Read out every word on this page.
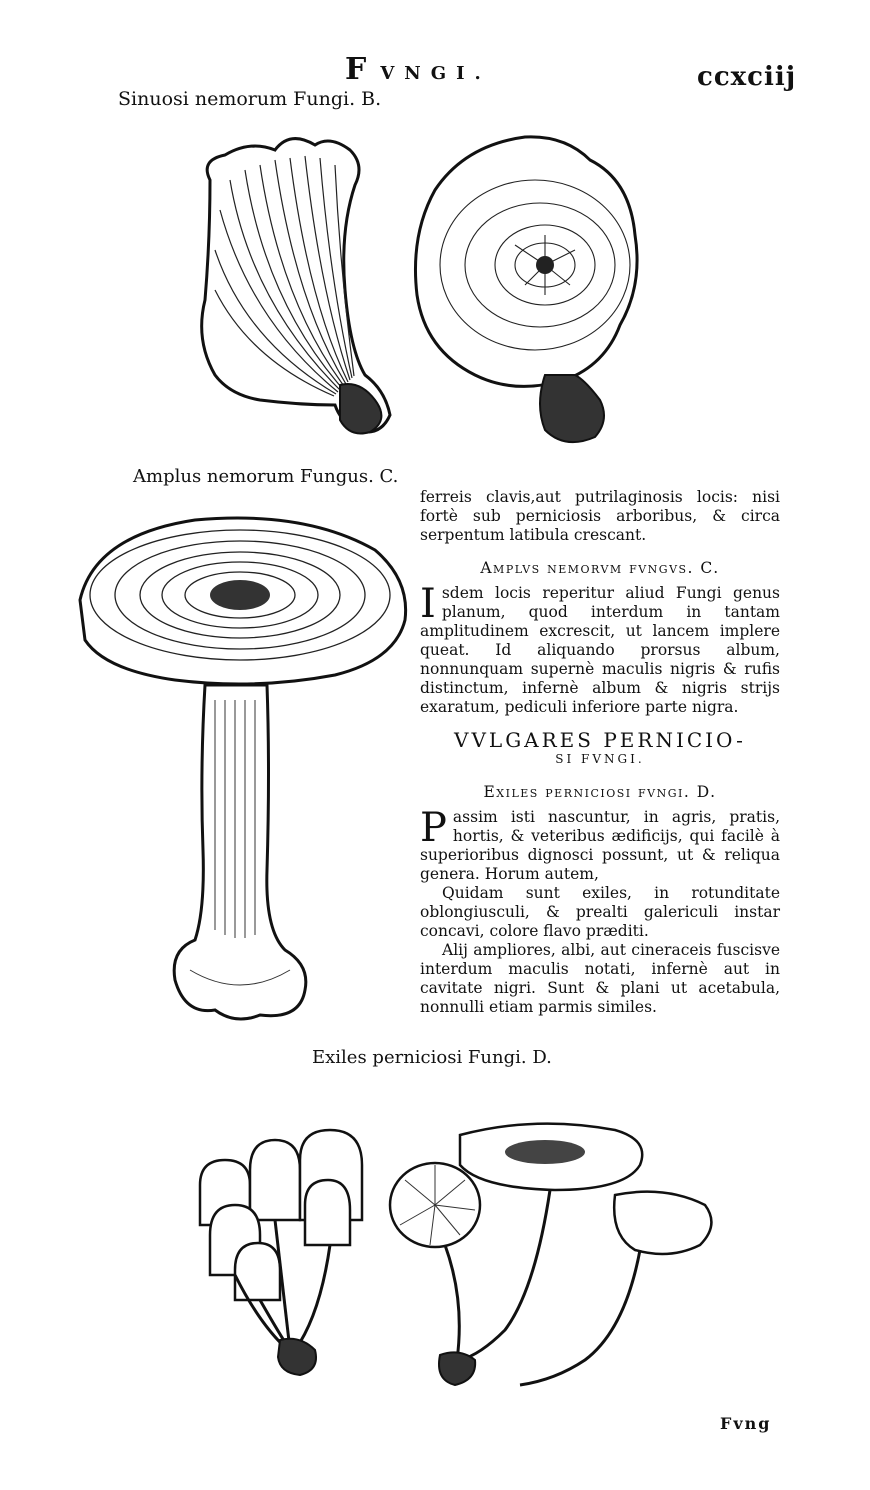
FVNGI.	ccxciij
Sinuosi nemorum Fungi. B.
Amplus nemorum Fungus. C.

ferreis clavis,aut putrilaginosis locis: nisi fortè sub perniciosis arboribus, & circa serpentum latibula crescant.

Amplvs nemorvm fvngvs. C.

Isdem locis reperitur aliud Fungi genus planum, quod interdum in tantam amplitudinem excrescit, ut lancem implere queat. Id aliquando prorsus album, nonnunquam supernè maculis nigris & rufis distinctum, infernè album & nigris strijs exaratum, pediculi inferiore parte nigra.

VVLGARES PERNICIO-
SI FVNGI.
Exiles perniciosi fvngi. D.

Passim isti nascuntur, in agris, pratis, hortis, & veteribus ædificijs, qui facilè à superioribus dignosci possunt, ut & reliqua genera. Horum autem,

Quidam sunt exiles, in rotunditate oblongiusculi, & prealti galericuli instar concavi, colore flavo præditi.

Alij ampliores, albi, aut cineraceis fuscisve interdum maculis notati, infernè aut in cavitate nigri. Sunt & plani ut acetabula, nonnulli etiam parmis similes.

Exiles perniciosi Fungi. D.
Fvng
